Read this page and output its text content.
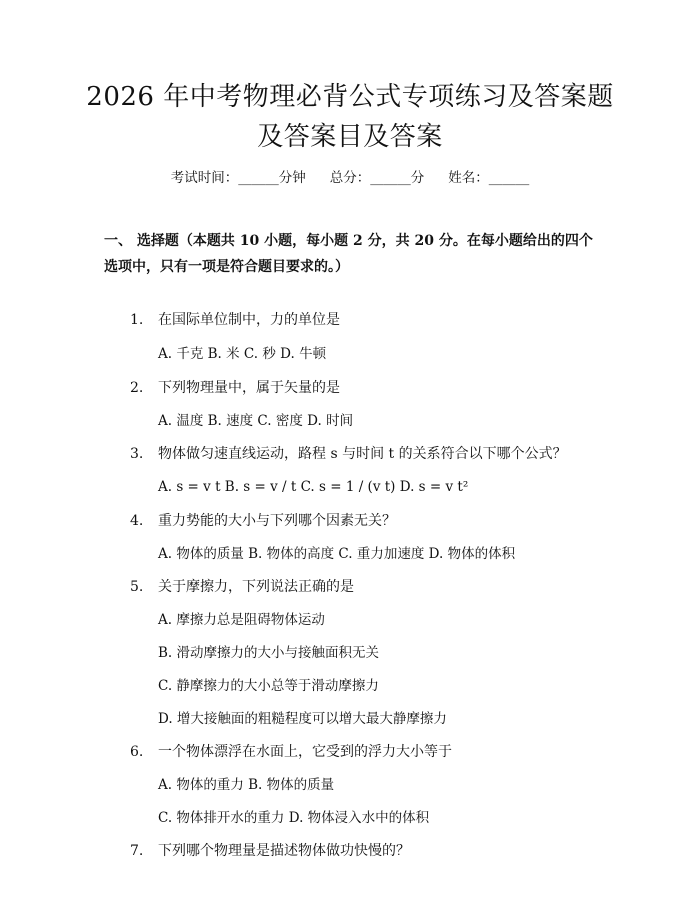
2026 年中考物理必背公式专项练习及答案题
及答案目及答案
考试时间：______分钟 总分：______分 姓名：______

一、 选择题（本题共 10 小题，每小题 2 分，共 20 分。在每小题给出的四个选项中，只有一项是符合题目要求的。）

1. 在国际单位制中，力的单位是
A. 千克 B. 米 C. 秒 D. 牛顿
2. 下列物理量中，属于矢量的是
A. 温度 B. 速度 C. 密度 D. 时间
3. 物体做匀速直线运动，路程 s 与时间 t 的关系符合以下哪个公式？
A. s = v t B. s = v / t C. s = 1 / (v t) D. s = v t²
4. 重力势能的大小与下列哪个因素无关？
A. 物体的质量 B. 物体的高度 C. 重力加速度 D. 物体的体积
5. 关于摩擦力，下列说法正确的是
A. 摩擦力总是阻碍物体运动
B. 滑动摩擦力的大小与接触面积无关
C. 静摩擦力的大小总等于滑动摩擦力
D. 增大接触面的粗糙程度可以增大最大静摩擦力
6. 一个物体漂浮在水面上，它受到的浮力大小等于
A. 物体的重力 B. 物体的质量
C. 物体排开水的重力 D. 物体浸入水中的体积
7. 下列哪个物理量是描述物体做功快慢的？
